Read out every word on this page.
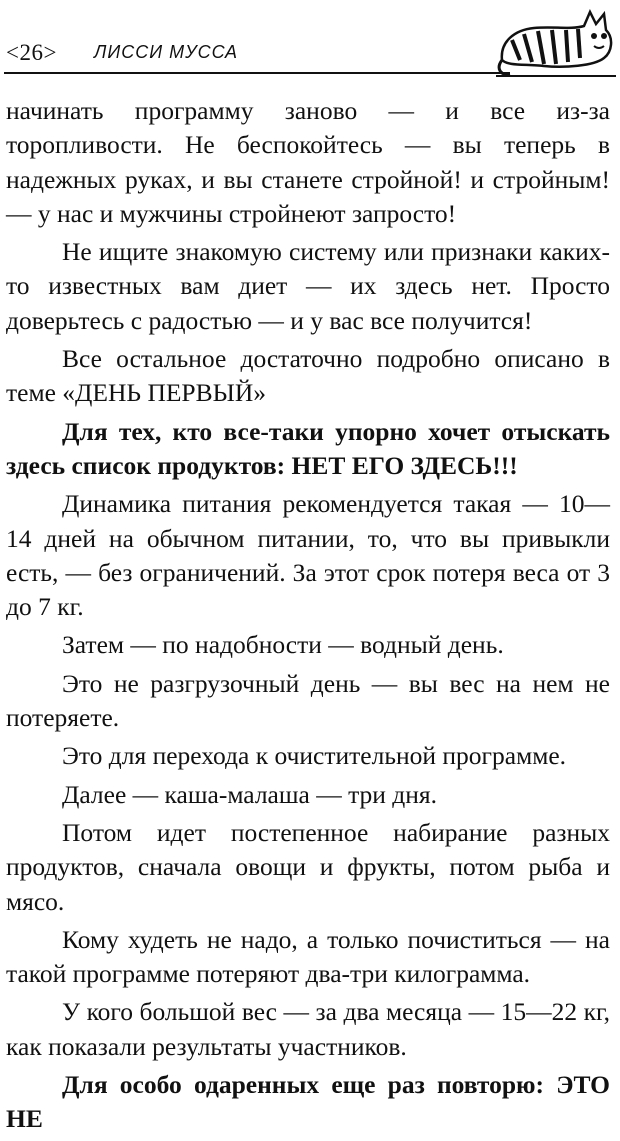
<26> ЛИССИ МУССА

начинать программу заново — и все из-за торопливости. Не беспокойтесь — вы теперь в надежных руках, и вы станете стройной! и стройным! — у нас и мужчины стройнеют запросто!

Не ищите знакомую систему или признаки каких-то известных вам диет — их здесь нет. Просто доверьтесь с радостью — и у вас все получится!

Все остальное достаточно подробно описано в теме «ДЕНЬ ПЕРВЫЙ»

Для тех, кто все-таки упорно хочет отыскать здесь список продуктов: НЕТ ЕГО ЗДЕСЬ!!!

Динамика питания рекомендуется такая — 10—14 дней на обычном питании, то, что вы привыкли есть, — без ограничений. За этот срок потеря веса от 3 до 7 кг.

Затем — по надобности — водный день.

Это не разгрузочный день — вы вес на нем не потеряете.

Это для перехода к очистительной программе.

Далее — каша-малаша — три дня.

Потом идет постепенное набирание разных продуктов, сначала овощи и фрукты, потом рыба и мясо.

Кому худеть не надо, а только почиститься — на такой программе потеряют два-три килограмма.

У кого большой вес — за два месяца — 15—22 кг, как показали результаты участников.

Для особо одаренных еще раз повторю: ЭТО НЕ
